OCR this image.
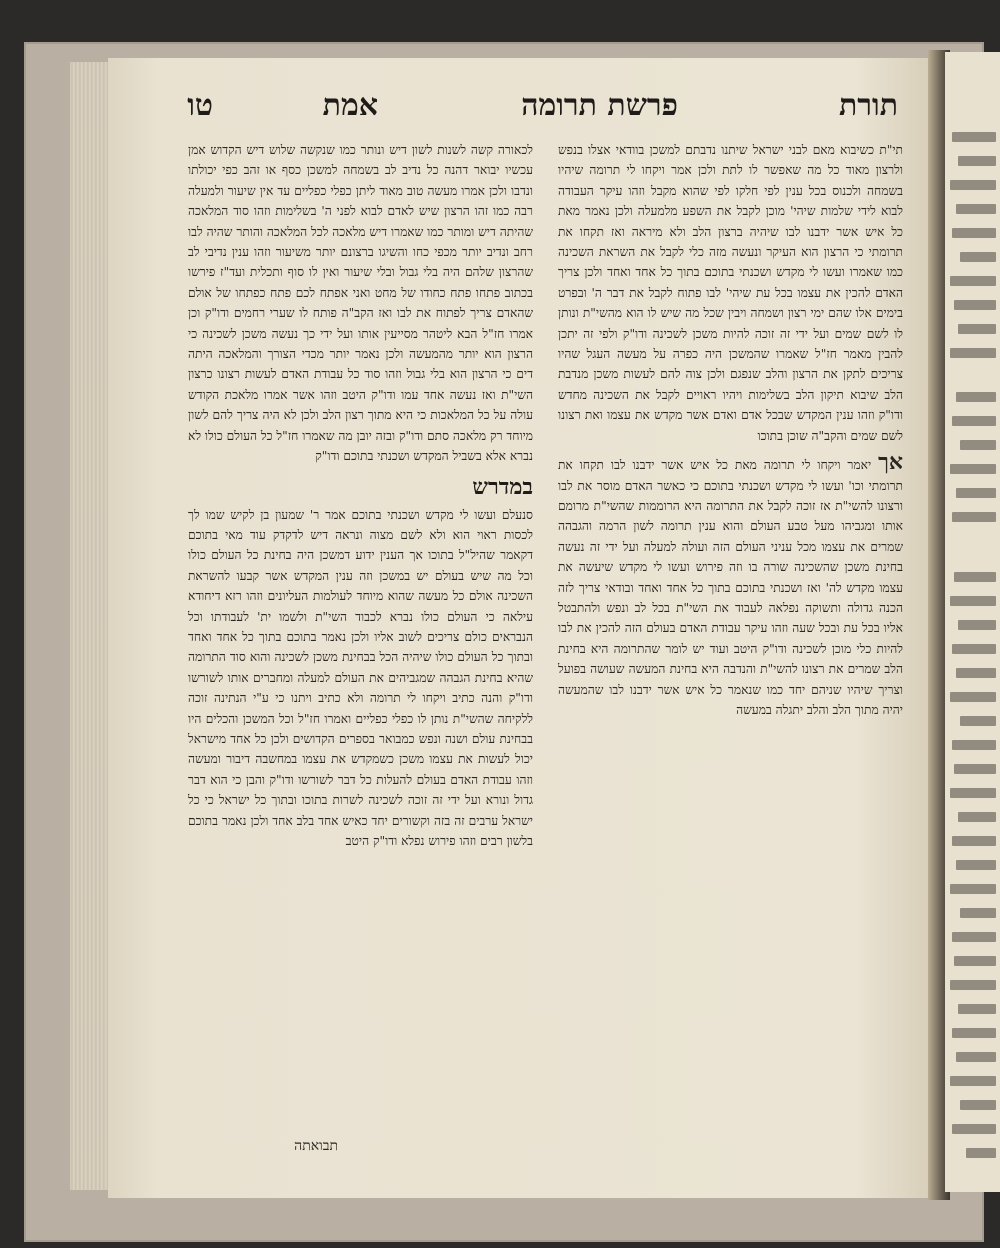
תורת
פרשת תרומה
אמת
טו
תי"ת כשיבוא מאם לבני ישראל שיתנו נדבתם למשכן בוודאי אצלו בנפש ולרצון מאוד כל מה שאפשר לו לתת ולכן אמר ויקחו לי תרומה שיהיו בשמחה ולכנוס בכל ענין לפי חלקו לפי שהוא מקבל וזהו עיקר העבודה לבוא לידי שלמות שיהי' מוכן לקבל את השפע מלמעלה ולכן נאמר מאת כל איש אשר ידבנו לבו שיהיה ברצון הלב ולא מיראה ואז תקחו את תרומתי כי הרצון הוא העיקר ונעשה מזה כלי לקבל את השראת השכינה כמו שאמרו ועשו לי מקדש ושכנתי בתוכם בתוך כל אחד ואחד ולכן צריך האדם להכין את עצמו בכל עת שיהי' לבו פתוח לקבל את דבר ה' ובפרט בימים אלו שהם ימי רצון ושמחה ויבין שכל מה שיש לו הוא מהשי"ת ונותן לו לשם שמים ועל ידי זה זוכה להיות משכן לשכינה ודו"ק ולפי זה יתכן להבין מאמר חז"ל שאמרו שהמשכן היה כפרה על מעשה העגל שהיו צריכים לתקן את הרצון והלב שנפגם ולכן צוה להם לעשות משכן מנדבת הלב שיבוא תיקון הלב בשלימות ויהיו ראויים לקבל את השכינה מחדש ודו"ק וזהו ענין המקדש שבכל אדם ואדם אשר מקדש את עצמו ואת רצונו לשם שמים והקב"ה שוכן בתוכו
אך יאמר ויקחו לי תרומה מאת כל איש אשר ידבנו לבו תקחו את תרומתי וכו' ועשו לי מקדש ושכנתי בתוכם כי כאשר האדם מוסר את לבו ורצונו להשי"ת אז זוכה לקבל את התרומה היא הרוממות שהשי"ת מרומם אותו ומגביהו מעל טבע העולם והוא ענין תרומה לשון הרמה והגבהה שמרים את עצמו מכל עניני העולם הזה ועולה למעלה ועל ידי זה נעשה בחינת משכן שהשכינה שורה בו וזה פירוש ועשו לי מקדש שיעשה את עצמו מקדש לה' ואז ושכנתי בתוכם בתוך כל אחד ואחד ובודאי צריך לזה הכנה גדולה ותשוקה נפלאה לעבוד את השי"ת בכל לב ונפש ולהתבטל אליו בכל עת ובכל שעה וזהו עיקר עבודת האדם בעולם הזה להכין את לבו להיות כלי מוכן לשכינה ודו"ק היטב ועוד יש לומר שהתרומה היא בחינת הלב שמרים את רצונו להשי"ת והנדבה היא בחינת המעשה שעושה בפועל וצריך שיהיו שניהם יחד כמו שנאמר כל איש אשר ידבנו לבו שהמעשה יהיה מתוך הלב והלב יתגלה במעשה
לכאורה קשה לשנות לשון דיש ונותר כמו שנקשה שלוש דיש הקדוש אמן עכשיו יבואר דהנה כל נדיב לב בשמחה למשכן כסף או זהב כפי יכולתו ונדבו ולכן אמרו מעשה טוב מאוד ליתן כפלי כפליים עד אין שיעור ולמעלה רבה כמו זהו הרצון שיש לאדם לבוא לפני ה' בשלימות וזהו סוד המלאכה שהיתה דיש ומותר כמו שאמרו דיש מלאכה לכל המלאכה והותר שהיה לבו רחב ונדיב יותר מכפי כחו והשיגו ברצונם יותר משיעור וזהו ענין נדיבי לב שהרצון שלהם היה בלי גבול ובלי שיעור ואין לו סוף ותכלית ועד"ז פירשו בכתוב פתחו פתח כחודו של מחט ואני אפתח לכם פתח כפתחו של אולם שהאדם צריך לפתוח את לבו ואז הקב"ה פותח לו שערי רחמים ודו"ק וכן אמרו חז"ל הבא ליטהר מסייעין אותו ועל ידי כך נעשה משכן לשכינה כי הרצון הוא יותר מהמעשה ולכן נאמר יותר מכדי הצורך והמלאכה היתה דים כי הרצון הוא בלי גבול וזהו סוד כל עבודת האדם לעשות רצונו כרצון השי"ת ואז נעשה אחד עמו ודו"ק היטב וזהו אשר אמרו מלאכת הקודש עולה על כל המלאכות כי היא מתוך רצון הלב ולכן לא היה צריך להם לשון מיוחד רק מלאכה סתם ודו"ק ובזה יובן מה שאמרו חז"ל כל העולם כולו לא נברא אלא בשביל המקדש ושכנתי בתוכם ודו"ק
במדרש
סנעלם ועשו לי מקדש ושכנתי בתוכם אמר ר' שמעון בן לקיש שמו לך לכסות ראוי הוא ולא לשם מצוה ונראה דיש לדקדק עוד מאי בתוכם דקאמר שהיל"ל בתוכו אך הענין ידוע דמשכן היה בחינת כל העולם כולו וכל מה שיש בעולם יש במשכן וזה ענין המקדש אשר קבעו להשראת השכינה אולם כל מעשה שהוא מיוחד לעולמות העליונים וזהו רזא דיחודא עילאה כי העולם כולו נברא לכבוד השי"ת ולשמו ית' לעבודתו וכל הנבראים כולם צריכים לשוב אליו ולכן נאמר בתוכם בתוך כל אחד ואחד ובתוך כל העולם כולו שיהיה הכל בבחינת משכן לשכינה והוא סוד התרומה שהיא בחינת הגבהה שמגביהים את העולם למעלה ומחברים אותו לשורשו ודו"ק והנה כתיב ויקחו לי תרומה ולא כתיב ויתנו כי ע"י הנתינה זוכה ללקיחה שהשי"ת נותן לו כפלי כפליים ואמרו חז"ל וכל המשכן והכלים היו בבחינת עולם ושנה ונפש כמבואר בספרים הקדושים ולכן כל אחד מישראל יכול לעשות את עצמו משכן כשמקדש את עצמו במחשבה דיבור ומעשה וזהו עבודת האדם בעולם להעלות כל דבר לשורשו ודו"ק והבן כי הוא דבר גדול ונורא ועל ידי זה זוכה לשכינה לשרות בתוכו ובתוך כל ישראל כי כל ישראל ערבים זה בזה וקשורים יחד כאיש אחד בלב אחד ולכן נאמר בתוכם בלשון רבים וזהו פירוש נפלא ודו"ק היטב
תבואתה
